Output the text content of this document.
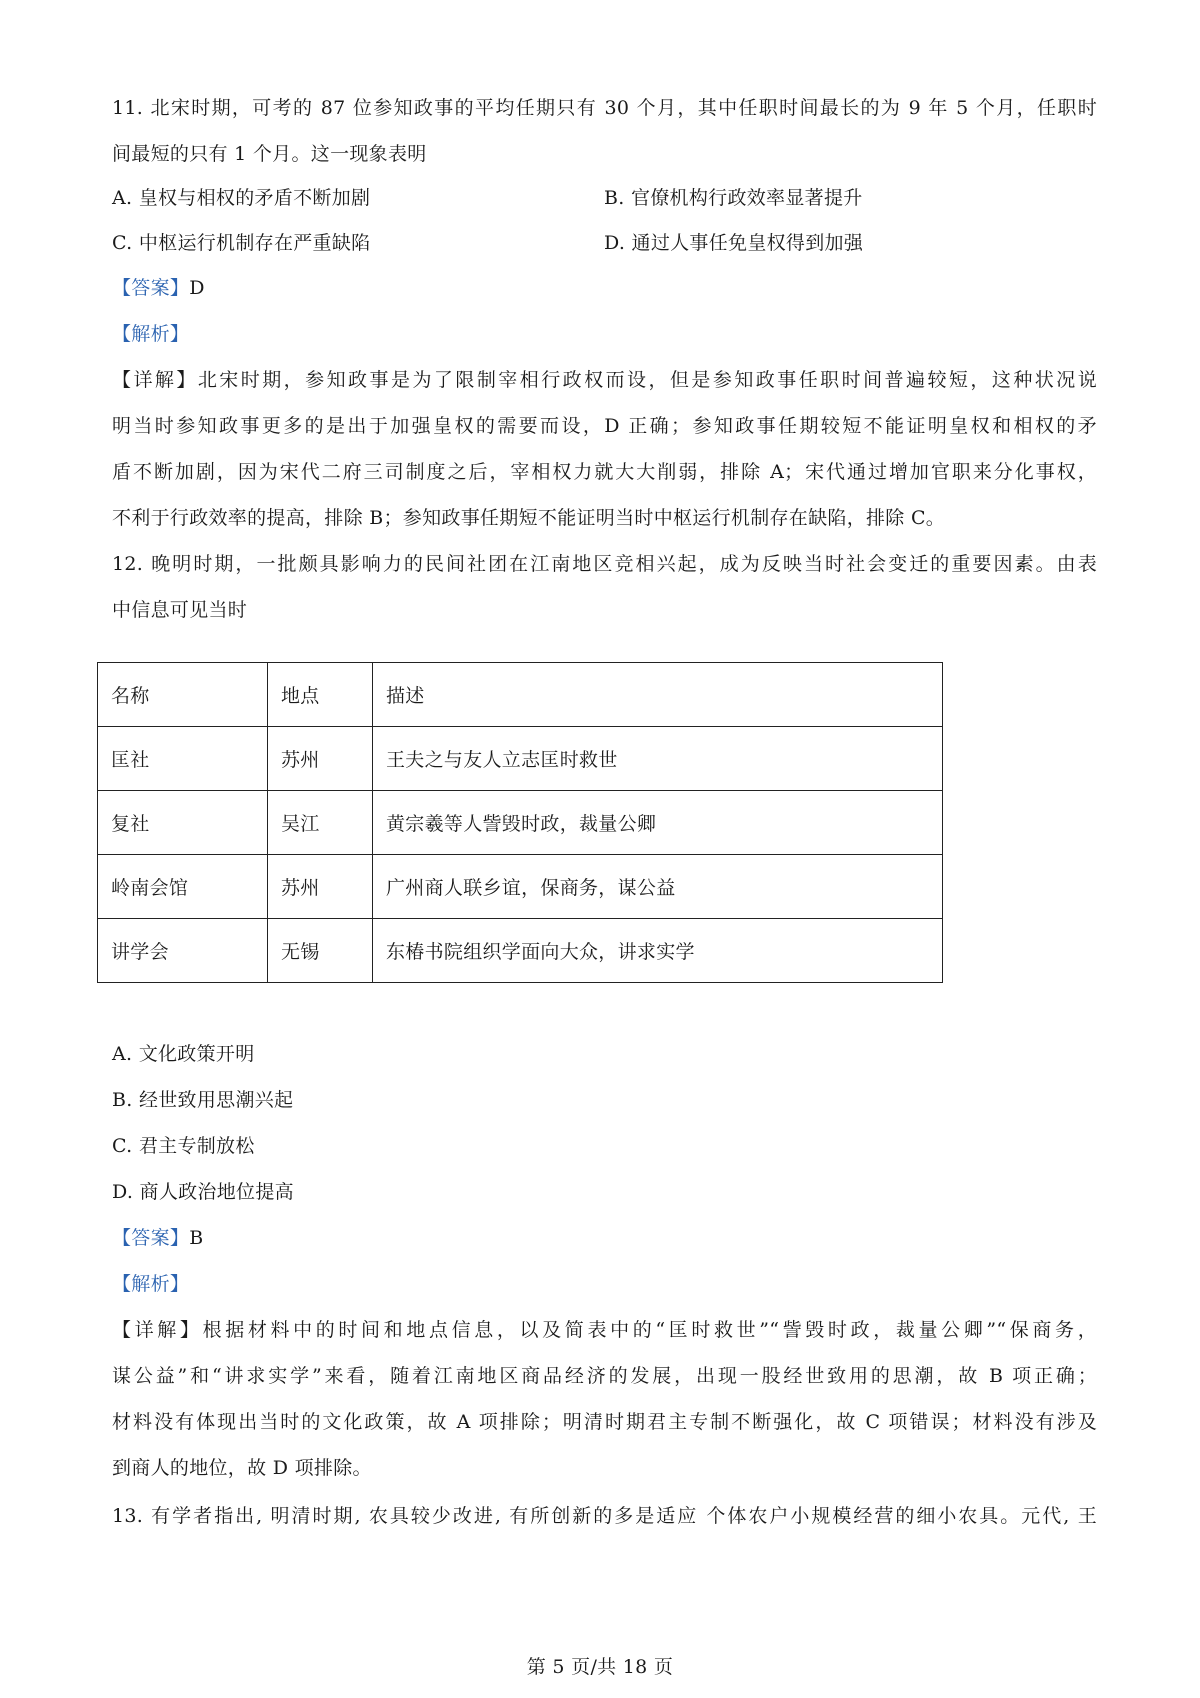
11. 北宋时期，可考的 87 位参知政事的平均任期只有 30 个月，其中任职时间最长的为 9 年 5 个月，任职时
间最短的只有 1 个月。这一现象表明
A. 皇权与相权的矛盾不断加剧	B. 官僚机构行政效率显著提升
C. 中枢运行机制存在严重缺陷	D. 通过人事任免皇权得到加强
【答案】D
【解析】
【详解】北宋时期，参知政事是为了限制宰相行政权而设，但是参知政事任职时间普遍较短，这种状况说
明当时参知政事更多的是出于加强皇权的需要而设，D 正确；参知政事任期较短不能证明皇权和相权的矛
盾不断加剧，因为宋代二府三司制度之后，宰相权力就大大削弱，排除 A；宋代通过增加官职来分化事权，
不利于行政效率的提高，排除 B；参知政事任期短不能证明当时中枢运行机制存在缺陷，排除 C。
12. 晚明时期，一批颇具影响力的民间社团在江南地区竞相兴起，成为反映当时社会变迁的重要因素。由表
中信息可见当时
名称	地点	描述
匡社	苏州	王夫之与友人立志匡时救世
复社	吴江	黄宗羲等人訾毁时政，裁量公卿
岭南会馆	苏州	广州商人联乡谊，保商务，谋公益
讲学会	无锡	东椿书院组织学面向大众，讲求实学
A. 文化政策开明
B. 经世致用思潮兴起
C. 君主专制放松
D. 商人政治地位提高
【答案】B
【解析】
【详解】根据材料中的时间和地点信息，以及简表中的“匡时救世”“訾毁时政，裁量公卿”“保商务，
谋公益”和“讲求实学”来看，随着江南地区商品经济的发展，出现一股经世致用的思潮，故 B 项正确；
材料没有体现出当时的文化政策，故 A 项排除；明清时期君主专制不断强化，故 C 项错误；材料没有涉及
到商人的地位，故 D 项排除。
13. 有学者指出, 明清时期, 农具较少改进, 有所创新的多是适应 个体农户小规模经营的细小农具。元代, 王
第 5 页/共 18 页
